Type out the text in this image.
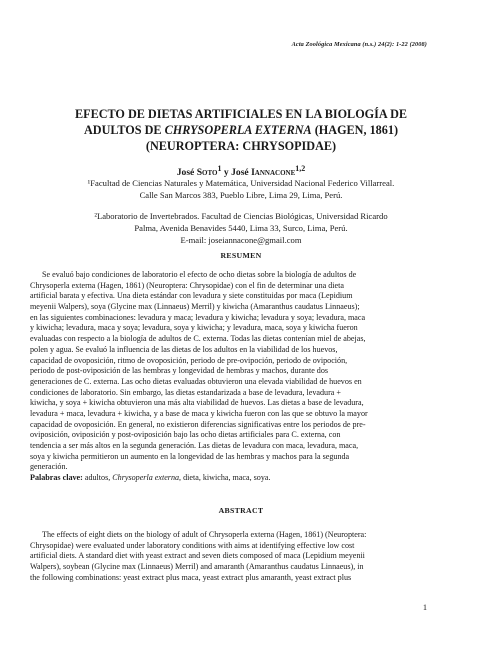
Acta Zoológica Mexicana (n.s.) 24(2): 1-22 (2008)
EFECTO DE DIETAS ARTIFICIALES EN LA BIOLOGÍA DE
ADULTOS DE CHRYSOPERLA EXTERNA (HAGEN, 1861)
(NEUROPTERA: CHRYSOPIDAE)
José Soto$^1$ y José Iannacone$^{1,2}$
¹Facultad de Ciencias Naturales y Matemática, Universidad Nacional Federico Villarreal.
Calle San Marcos 383, Pueblo Libre, Lima 29, Lima, Perú.
²Laboratorio de Invertebrados. Facultad de Ciencias Biológicas, Universidad Ricardo
Palma, Avenida Benavides 5440, Lima 33, Surco, Lima, Perú.
E-mail: joseiannacone@gmail.com
RESUMEN
Se evaluó bajo condiciones de laboratorio el efecto de ocho dietas sobre la biología de adultos de
Chrysoperla externa (Hagen, 1861) (Neuroptera: Chrysopidae) con el fin de determinar una dieta
artificial barata y efectiva. Una dieta estándar con levadura y siete constituidas por maca (Lepidium
meyenii Walpers), soya (Glycine max (Linnaeus) Merril) y kiwicha (Amaranthus caudatus Linnaeus);
en las siguientes combinaciones: levadura y maca; levadura y kiwicha; levadura y soya; levadura, maca
y kiwicha; levadura, maca y soya; levadura, soya y kiwicha; y levadura, maca, soya y kiwicha fueron
evaluadas con respecto a la biología de adultos de C. externa. Todas las dietas contenían miel de abejas,
polen y agua. Se evaluó la influencia de las dietas de los adultos en la viabilidad de los huevos,
capacidad de ovoposición, ritmo de ovoposición, periodo de pre-ovipoción, periodo de ovipoción,
periodo de post-oviposición de las hembras y longevidad de hembras y machos, durante dos
generaciones de C. externa. Las ocho dietas evaluadas obtuvieron una elevada viabilidad de huevos en
condiciones de laboratorio. Sin embargo, las dietas estandarizada a base de levadura, levadura +
kiwicha, y soya + kiwicha obtuvieron una más alta viabilidad de huevos. Las dietas a base de levadura,
levadura + maca, levadura + kiwicha, y a base de maca y kiwicha fueron con las que se obtuvo la mayor
capacidad de ovoposición. En general, no existieron diferencias significativas entre los periodos de pre-
oviposición, oviposición y post-oviposición bajo las ocho dietas artificiales para C. externa, con
tendencia a ser más altos en la segunda generación. Las dietas de levadura con maca, levadura, maca,
soya y kiwicha permitieron un aumento en la longevidad de las hembras y machos para la segunda
generación.
Palabras clave: adultos, Chrysoperla externa, dieta, kiwicha, maca, soya.
ABSTRACT
The effects of eight diets on the biology of adult of Chrysoperla externa (Hagen, 1861) (Neuroptera:
Chrysopidae) were evaluated under laboratory conditions with aims at identifying effective low cost
artificial diets. A standard diet with yeast extract and seven diets composed of maca (Lepidium meyenii
Walpers), soybean (Glycine max (Linnaeus) Merril) and amaranth (Amaranthus caudatus Linnaeus), in
the following combinations: yeast extract plus maca, yeast extract plus amaranth, yeast extract plus
1
